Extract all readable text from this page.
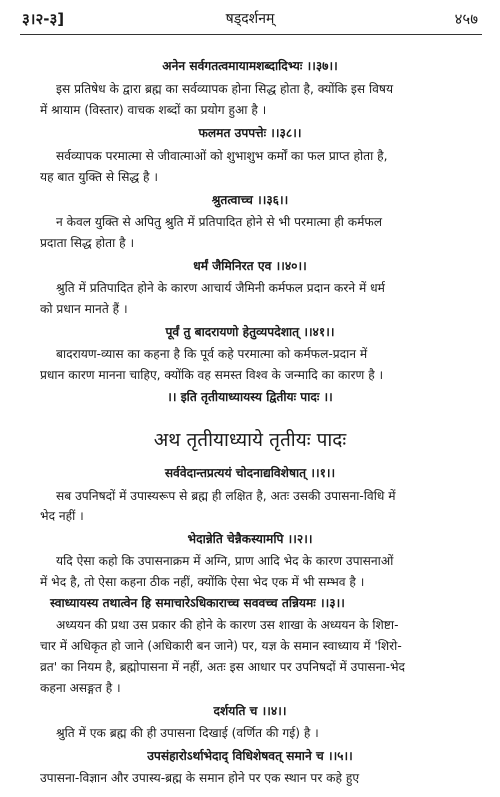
षड्दर्शनम्
३।२-३]	४५७
अनेन सर्वगतत्वमायामशब्दादिभ्यः ।।३७।।
इस प्रतिषेध के द्वारा ब्रह्म का सर्वव्यापक होना सिद्ध होता है, क्योंकि इस विषय
में श्रायाम (विस्तार) वाचक शब्दों का प्रयोग हुआ है ।
फलमत उपपत्तेः ।।३८।।
सर्वव्यापक परमात्मा से जीवात्माओं को शुभाशुभ कर्मों का फल प्राप्त होता है,
यह बात युक्ति से सिद्ध है ।
श्रुतत्वाच्च ।।३६।।
न केवल युक्ति से अपितु श्रुति में प्रतिपादित होने से भी परमात्मा ही कर्मफल
प्रदाता सिद्ध होता है ।
धर्मं जैमिनिरत एव ।।४०।।
श्रुति में प्रतिपादित होने के कारण आचार्य जैमिनी कर्मफल प्रदान करने में धर्म
को प्रधान मानते हैं ।
पूर्वं तु बादरायणो हेतुव्यपदेशात् ।।४१।।
बादरायण-व्यास का कहना है कि पूर्व कहे परमात्मा को कर्मफल-प्रदान में
प्रधान कारण मानना चाहिए, क्योंकि वह समस्त विश्व के जन्मादि का कारण है ।
।। इति तृतीयाध्यायस्य द्वितीयः पादः ।।
अथ तृतीयाध्याये तृतीयः पादः
सर्ववेदान्तप्रत्ययं चोदनाद्यविशेषात् ।।१।।
सब उपनिषदों में उपास्यरूप से ब्रह्म ही लक्षित है, अतः उसकी उपासना-विधि में
भेद नहीं ।
भेदान्नेति चेन्नैकस्यामपि ।।२।।
यदि ऐसा कहो कि उपासनाक्रम में अग्नि, प्राण आदि भेद के कारण उपासनाओं
में भेद है, तो ऐसा कहना ठीक नहीं, क्योंकि ऐसा भेद एक में भी सम्भव है ।
स्वाध्यायस्य तथात्वेन हि समाचारेऽधिकाराच्च सववच्च तन्नियमः ।।३।।
अध्ययन की प्रथा उस प्रकार की होने के कारण उस शाखा के अध्ययन के शिष्टा-
चार में अधिकृत हो जाने (अधिकारी बन जाने) पर, यज्ञ के समान स्वाध्याय में 'शिरो-
व्रत' का नियम है, ब्रह्मोपासना में नहीं, अतः इस आधार पर उपनिषदों में उपासना-भेद
कहना असङ्गत है ।
दर्शयति च ।।४।।
श्रुति में एक ब्रह्म की ही उपासना दिखाई (वर्णित की गई) है ।
उपसंहारोऽर्थाभेदाद् विधिशेषवत् समाने च ।।५।।
उपासना-विज्ञान और उपास्य-ब्रह्म के समान होने पर एक स्थान पर कहे हुए
